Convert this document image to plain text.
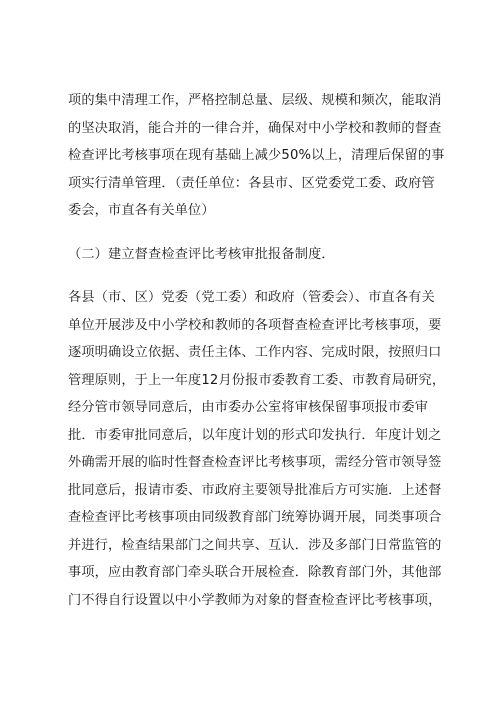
项的集中清理工作，严格控制总量、层级、规模和频次，能取消
的坚决取消，能合并的一律合并，确保对中小学校和教师的督查
检查评比考核事项在现有基础上减少50%以上，清理后保留的事
项实行清单管理．（责任单位：各县市、区党委党工委、政府管
委会，市直各有关单位）
（二）建立督查检查评比考核审批报备制度．
各县（市、区）党委（党工委）和政府（管委会）、市直各有关
单位开展涉及中小学校和教师的各项督查检查评比考核事项，要
逐项明确设立依据、责任主体、工作内容、完成时限，按照归口
管理原则，于上一年度12月份报市委教育工委、市教育局研究，
经分管市领导同意后，由市委办公室将审核保留事项报市委审
批．市委审批同意后，以年度计划的形式印发执行．年度计划之
外确需开展的临时性督查检查评比考核事项，需经分管市领导签
批同意后，报请市委、市政府主要领导批准后方可实施．上述督
查检查评比考核事项由同级教育部门统筹协调开展，同类事项合
并进行，检查结果部门之间共享、互认．涉及多部门日常监管的
事项，应由教育部门牵头联合开展检查．除教育部门外，其他部
门不得自行设置以中小学教师为对象的督查检查评比考核事项，
